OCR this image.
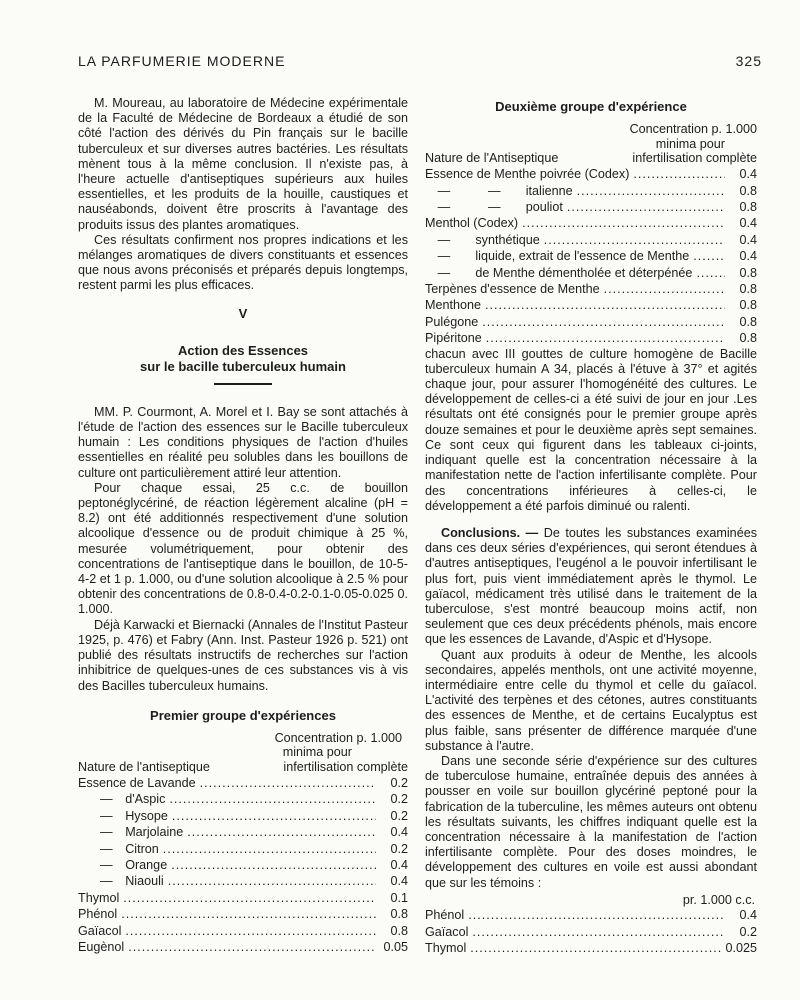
LA PARFUMERIE MODERNE	325

M. Moureau, au laboratoire de Médecine expérimentale de la Faculté de Médecine de Bordeaux a étudié de son côté l'action des dérivés du Pin français sur le bacille tuberculeux et sur diverses autres bactéries. Les résultats mènent tous à la même conclusion. Il n'existe pas, à l'heure actuelle d'antiseptiques supérieurs aux huiles essentielles, et les produits de la houille, caustiques et nauséabonds, doivent être proscrits à l'avantage des produits issus des plantes aromatiques.

Ces résultats confirment nos propres indications et les mélanges aromatiques de divers constituants et essences que nous avons préconisés et préparés depuis longtemps, restent parmi les plus efficaces.

V
Action des Essences
sur le bacille tuberculeux humain

MM. P. Courmont, A. Morel et I. Bay se sont attachés à l'étude de l'action des essences sur le Bacille tuberculeux humain : Les conditions physiques de l'action d'huiles essentielles en réalité peu solubles dans les bouillons de culture ont particulièrement attiré leur attention.

Pour chaque essai, 25 c.c. de bouillon peptonéglycériné, de réaction légèrement alcaline (pH = 8.2) ont été additionnés respectivement d'une solution alcoolique d'essence ou de produit chimique à 25 %, mesurée volumétriquement, pour obtenir des concentrations de l'antiseptique dans le bouillon, de 10-5-4-2 et 1 p. 1.000, ou d'une solution alcoolique à 2.5 % pour obtenir des concentrations de 0.8-0.4-0.2-0.1-0.05-0.025 0. 1.000.

Déjà Karwacki et Biernacki (Annales de l'Institut Pasteur 1925, p. 476) et Fabry (Ann. Inst. Pasteur 1926 p. 521) ont publié des résultats instructifs de recherches sur l'action inhibitrice de quelques-unes de ces substances vis à vis des Bacilles tuberculeux humains.

Premier groupe d'expériences
Concentration p. 1.000
minima pour
Nature de l'antiseptique	infertilisation complète
Essence de Lavande .....	0.2
— d'Aspic .....	0.2
— Hysope .....	0.2
— Marjolaine .....	0.4
— Citron .....	0.2
— Orange .....	0.4
— Niaouli .....	0.4
Thymol .....	0.1
Phénol .....	0.8
Gaïacol .....	0.8
Eugènol .....	0.05
Deuxième groupe d'expérience
Concentration p. 1.000
minima pour
Nature de l'Antiseptique	infertilisation complète
Essence de Menthe poivrée (Codex) .....	0.4
 —   —  italienne .....	0.8
 —   —  pouliot .....	0.8
Menthol (Codex) .....	0.4
 —  synthétique .....	0.4
 —  liquide, extrait de l'essence de Menthe .....	0.4
 —  de Menthe démentholée et déterpénée .....	0.8
Terpènes d'essence de Menthe .....	0.8
Menthone .....	0.8
Pulégone .....	0.8
Pipéritone .....	0.8

chacun avec III gouttes de culture homogène de Bacille tuberculeux humain A 34, placés à l'étuve à 37° et agités chaque jour, pour assurer l'homogénéité des cultures. Le développement de celles-ci a été suivi de jour en jour .Les résultats ont été consignés pour le premier groupe après douze semaines et pour le deuxième après sept semaines. Ce sont ceux qui figurent dans les tableaux ci-joints, indiquant quelle est la concentration nécessaire à la manifestation nette de l'action infertilisante complète. Pour des concentrations inférieures à celles-ci, le développement a été parfois diminué ou ralenti.

Conclusions. — De toutes les substances examinées dans ces deux séries d'expériences, qui seront étendues à d'autres antiseptiques, l'eugénol a le pouvoir infertilisant le plus fort, puis vient immédiatement après le thymol. Le gaïacol, médicament très utilisé dans le traitement de la tuberculose, s'est montré beaucoup moins actif, non seulement que ces deux précédents phénols, mais encore que les essences de Lavande, d'Aspic et d'Hysope.

Quant aux produits à odeur de Menthe, les alcools secondaires, appelés menthols, ont une activité moyenne, intermédiaire entre celle du thymol et celle du gaïacol. L'activité des terpènes et des cétones, autres constituants des essences de Menthe, et de certains Eucalyptus est plus faible, sans présenter de différence marquée d'une substance à l'autre.

Dans une seconde série d'expérience sur des cultures de tuberculose humaine, entraînée depuis des années à pousser en voile sur bouillon glycériné peptoné pour la fabrication de la tuberculine, les mêmes auteurs ont obtenu les résultats suivants, les chiffres indiquant quelle est la concentration nécessaire à la manifestation de l'action infertilisante complète. Pour des doses moindres, le développement des cultures en voile est aussi abondant que sur les témoins :

pr. 1.000 c.c.
Phénol .....	0.4
Gaïacol .....	0.2
Thymol .....	0.025
